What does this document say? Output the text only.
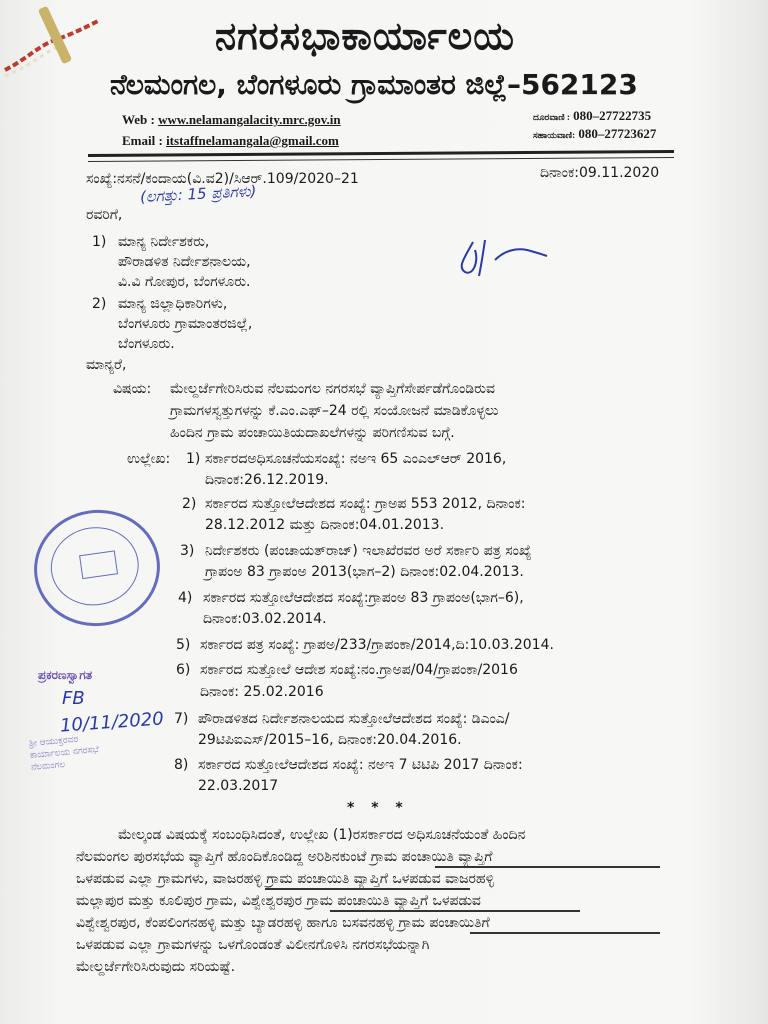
ನಗರಸಭಾಕಾರ್ಯಾಲಯ
ನೆಲಮಂಗಲ, ಬೆಂಗಳೂರು ಗ್ರಾಮಾಂತರ ಜಿಲ್ಲೆ–562123
Web : www.nelamangalacity.mrc.gov.in
Email : itstaffnelamangala@gmail.com
ದೂರವಾಣಿ : 080–27722735
ಸಹಾಯವಾಣಿ: 080–27723627
ಸಂಖ್ಯೆ:ನಸನೆ/ಕಂದಾಯ(ವಿ.ವ2)/ಸಿಆರ್.109/2020–21	ದಿನಾಂಕ:09.11.2020
(ಲಗತ್ತು: 15 ಪ್ರತಿಗಳು)
ರವರಿಗೆ,
1) ಮಾನ್ಯ ನಿರ್ದೇಶಕರು,
ಪೌರಾಡಳಿತ ನಿರ್ದೇಶನಾಲಯ,
ವಿ.ವಿ ಗೋಪುರ, ಬೆಂಗಳೂರು.
2) ಮಾನ್ಯ ಜಿಲ್ಲಾಧಿಕಾರಿಗಳು,
ಬೆಂಗಳೂರು ಗ್ರಾಮಾಂತರಜಿಲ್ಲೆ,
ಬೆಂಗಳೂರು.
ಮಾನ್ಯರೆ,
ವಿಷಯ: ಮೇಲ್ದರ್ಜೆಗೇರಿಸಿರುವ ನೆಲಮಂಗಲ ನಗರಸಭೆ ವ್ಯಾಪ್ತಿಗೆಸೇರ್ಪಡೆಗೊಂಡಿರುವ
ಗ್ರಾಮಗಳಸ್ವತ್ತುಗಳನ್ನು ಕೆ.ಎಂ.ಎಫ್–24 ರಲ್ಲಿ ಸಂಯೋಜನೆ ಮಾಡಿಕೊಳ್ಳಲು
ಹಿಂದಿನ ಗ್ರಾಮ ಪಂಚಾಯಿತಿಯದಾಖಲೆಗಳನ್ನು ಪರಿಗಣಿಸುವ ಬಗ್ಗೆ.
ಉಲ್ಲೇಖ: 1) ಸರ್ಕಾರದಅಧಿಸೂಚನೆಯಸಂಖ್ಯೆ: ನಅಇ 65 ಎಂಎಲ್ಆರ್ 2016,
ದಿನಾಂಕ:26.12.2019.
2) ಸರ್ಕಾರದ ಸುತ್ತೋಲೆಆದೇಶದ ಸಂಖ್ಯೆ: ಗ್ರಾಅಪ 553 2012, ದಿನಾಂಕ:
28.12.2012 ಮತ್ತು ದಿನಾಂಕ:04.01.2013.
3) ನಿರ್ದೇಶಕರು (ಪಂಚಾಯತ್‌ರಾಜ್) ಇಲಾಖೆರವರ ಅರೆ ಸರ್ಕಾರಿ ಪತ್ರ ಸಂಖ್ಯೆ
ಗ್ರಾಪಂಅ 83 ಗ್ರಾಪಂಅ 2013(ಭಾಗ–2) ದಿನಾಂಕ:02.04.2013.
4) ಸರ್ಕಾರದ ಸುತ್ತೋಲೆಆದೇಶದ ಸಂಖ್ಯೆ:ಗ್ರಾಪಂಅ 83 ಗ್ರಾಪಂಅ(ಭಾಗ–6),
ದಿನಾಂಕ:03.02.2014.
5) ಸರ್ಕಾರದ ಪತ್ರ ಸಂಖ್ಯೆ: ಗ್ರಾಪಅ/233/ಗ್ರಾಪಂಕಾ/2014,ದಿ:10.03.2014.
6) ಸರ್ಕಾರದ ಸುತ್ತೋಲೆ ಆದೇಶ ಸಂಖ್ಯೆ:ನಂ.ಗ್ರಾಅಪ/04/ಗ್ರಾಪಂಕಾ/2016
ದಿನಾಂಕ: 25.02.2016
7) ಪೌರಾಡಳಿತದ ನಿರ್ದೇಶನಾಲಯದ ಸುತ್ತೋಲೆಆದೇಶದ ಸಂಖ್ಯೆ: ಡಿಎಂಎ/
29ಟಿಪಿಐಎಸ್/2015–16, ದಿನಾಂಕ:20.04.2016.
8) ಸರ್ಕಾರದ ಸುತ್ತೋಲೆಆದೇಶದ ಸಂಖ್ಯೆ: ನಅಇ 7 ಟಿಟಿಪಿ 2017 ದಿನಾಂಕ:
22.03.2017
* * *
ಮೇಲ್ಕಂಡ ವಿಷಯಕ್ಕೆ ಸಂಬಂಧಿಸಿದಂತೆ, ಉಲ್ಲೇಖ (1)ರಸರ್ಕಾರದ ಅಧಿಸೂಚನೆಯಂತೆ ಹಿಂದಿನ
ನೆಲಮಂಗಲ ಪುರಸಭೆಯ ವ್ಯಾಪ್ತಿಗೆ ಹೊಂದಿಕೊಂಡಿದ್ದ ಅರಿಶಿನಕುಂಟೆ ಗ್ರಾಮ ಪಂಚಾಯಿತಿ ವ್ಯಾಪ್ತಿಗೆ
ಒಳಪಡುವ ಎಲ್ಲಾ ಗ್ರಾಮಗಳು, ವಾಜರಹಳ್ಳಿ ಗ್ರಾಮ ಪಂಚಾಯಿತಿ ವ್ಯಾಪ್ತಿಗೆ ಒಳಪಡುವ ವಾಜರಹಳ್ಳಿ
ಮಲ್ಲಾಪುರ ಮತ್ತು ಕೂಲಿಪುರ ಗ್ರಾಮ, ವಿಶ್ವೇಶ್ವರಪುರ ಗ್ರಾಮ ಪಂಚಾಯಿತಿ ವ್ಯಾಪ್ತಿಗೆ ಒಳಪಡುವ
ವಿಶ್ವೇಶ್ವರಪುರ, ಕೆಂಪಲಿಂಗನಹಳ್ಳಿ ಮತ್ತು ಬ್ಯಾಡರಹಳ್ಳಿ ಹಾಗೂ ಬಸವನಹಳ್ಳಿ ಗ್ರಾಮ ಪಂಚಾಯಿತಿಗೆ
ಒಳಪಡುವ ಎಲ್ಲಾ ಗ್ರಾಮಗಳನ್ನು ಒಳಗೊಂಡಂತೆ ವಿಲೀನಗೊಳಿಸಿ ನಗರಸಭೆಯನ್ನಾಗಿ
ಮೇಲ್ದರ್ಜೆಗೇರಿಸಿರುವುದು ಸರಿಯಷ್ಟೆ.
ಪ್ರಕರಣಸ್ವಾಗತ
FB
10/11/2020
ಶ್ರೀ ಆಯುಕ್ತರವರ
ಕಾರ್ಯಾಲಯ ನಗರಸಭೆ
ನೆಲಮಂಗಲ
